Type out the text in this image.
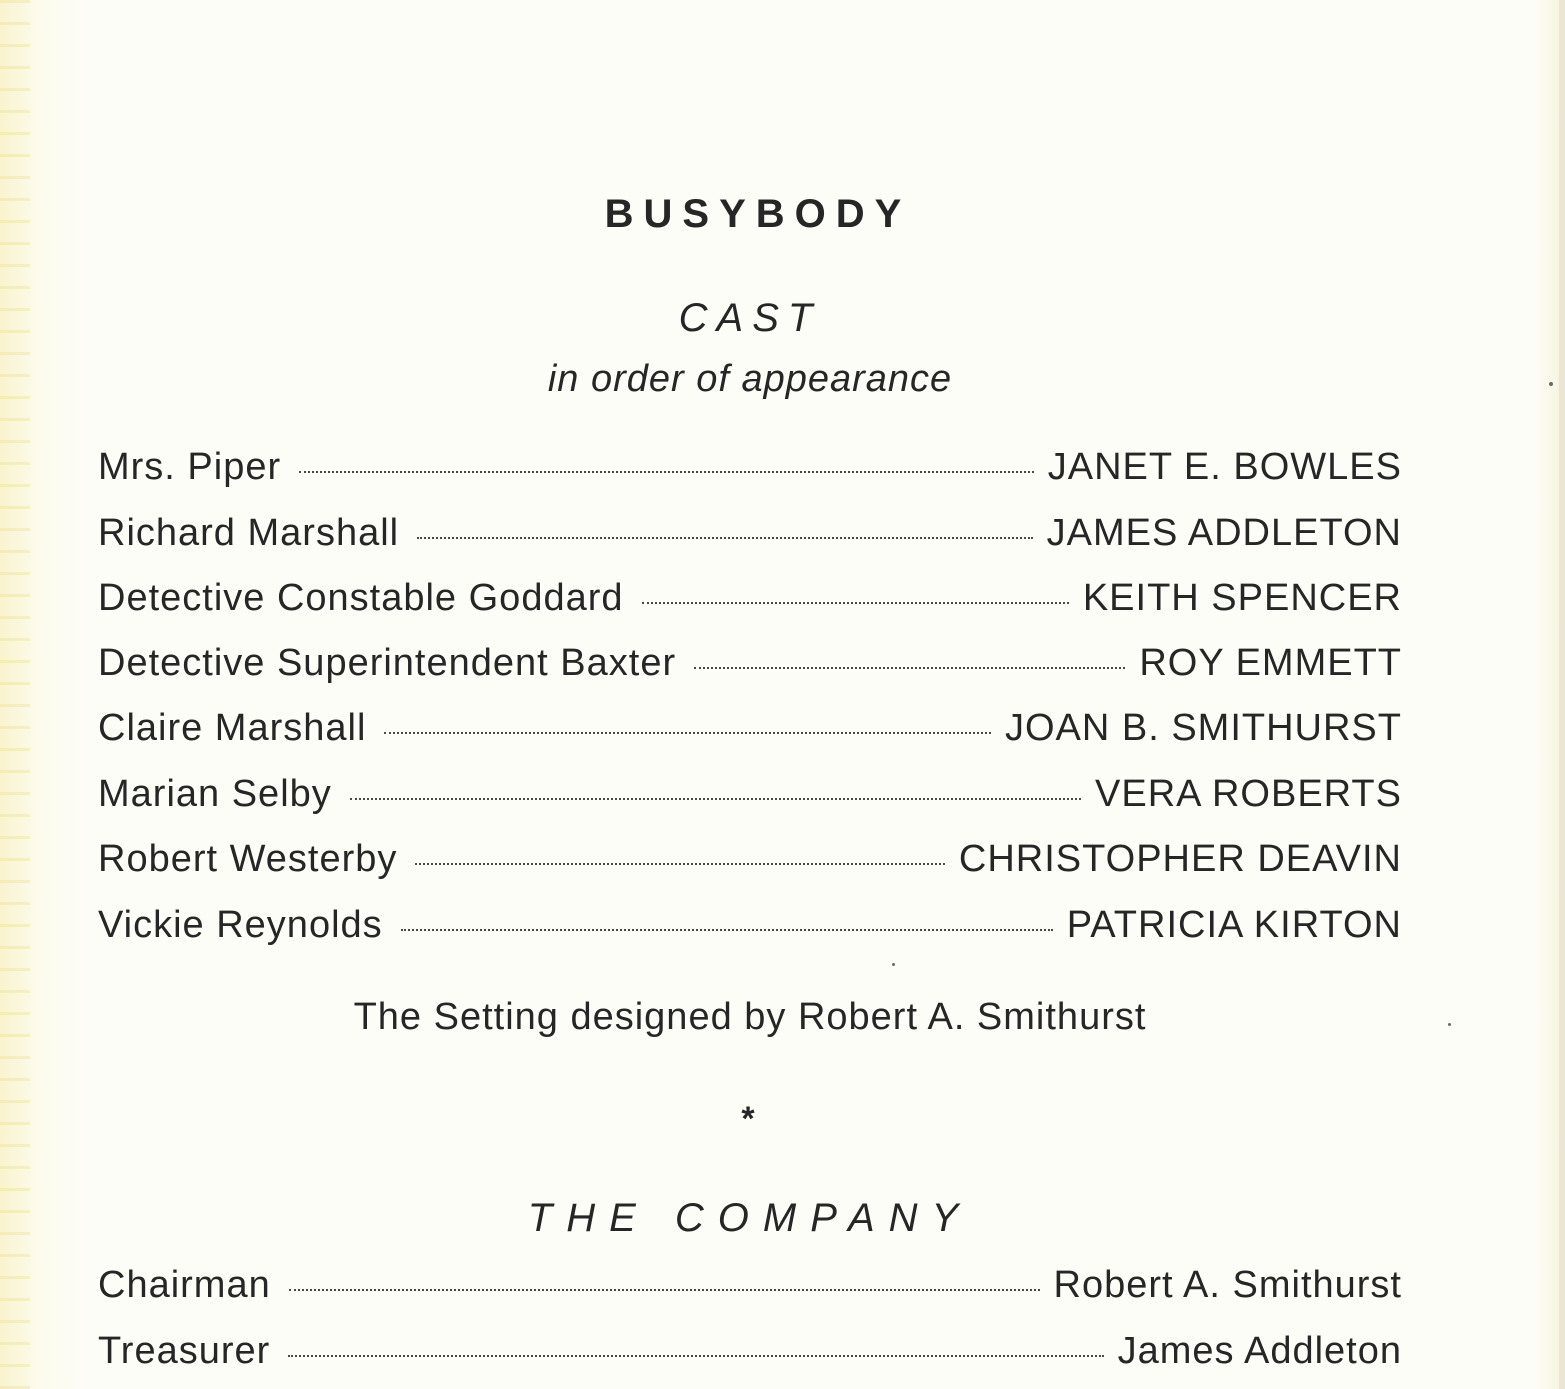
BUSYBODY
CAST
in order of appearance
Mrs. Piper	JANET E. BOWLES
Richard Marshall	JAMES ADDLETON
Detective Constable Goddard	KEITH SPENCER
Detective Superintendent Baxter	ROY EMMETT
Claire Marshall	JOAN B. SMITHURST
Marian Selby	VERA ROBERTS
Robert Westerby	CHRISTOPHER DEAVIN
Vickie Reynolds	PATRICIA KIRTON
The Setting designed by Robert A. Smithurst
*
THE COMPANY
Chairman	Robert A. Smithurst
Treasurer	James Addleton
